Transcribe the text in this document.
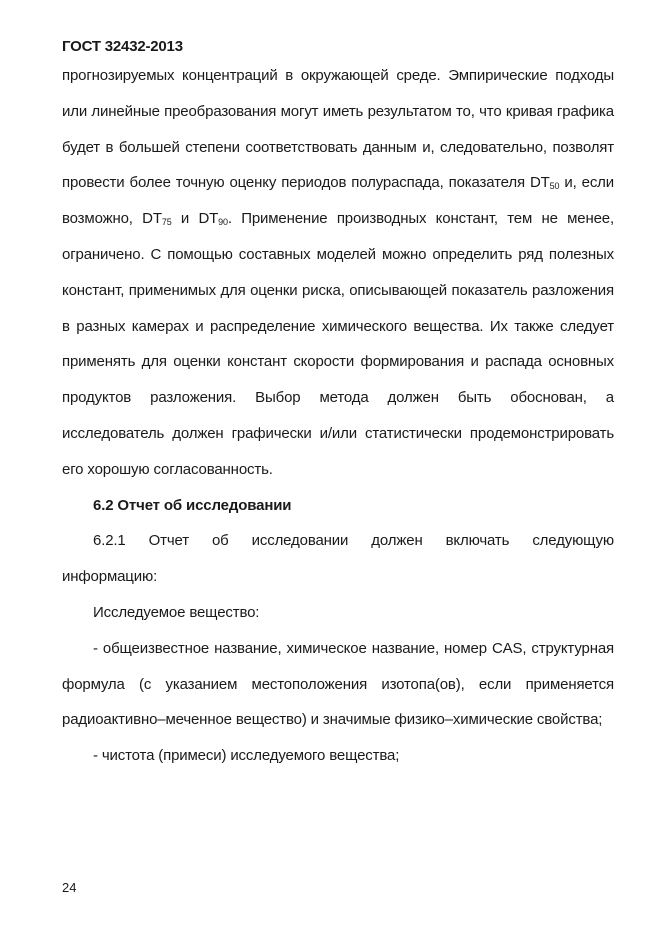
ГОСТ 32432-2013

прогнозируемых концентраций в окружающей среде. Эмпирические подходы или линейные преобразования могут иметь результатом то, что кривая графика будет в большей степени соответствовать данным и, следовательно, позволят провести более точную оценку периодов полураспада, показателя $DT_{50}$ и, если возможно, $DT_{75}$ и $DT_{90}$. Применение производных констант, тем не менее, ограничено. С помощью составных моделей можно определить ряд полезных констант, применимых для оценки риска, описывающей показатель разложения в разных камерах и распределение химического вещества. Их также следует применять для оценки констант скорости формирования и распада основных продуктов разложения. Выбор метода должен быть обоснован, а исследователь должен графически и/или статистически продемонстрировать его хорошую согласованность.

6.2 Отчет об исследовании

6.2.1 Отчет об исследовании должен включать следующую информацию:

Исследуемое вещество:

- общеизвестное название, химическое название, номер CAS, структурная формула (с указанием местоположения изотопа(ов), если применяется радиоактивно–меченное вещество) и значимые физико–химические свойства;

- чистота (примеси) исследуемого вещества;

24
